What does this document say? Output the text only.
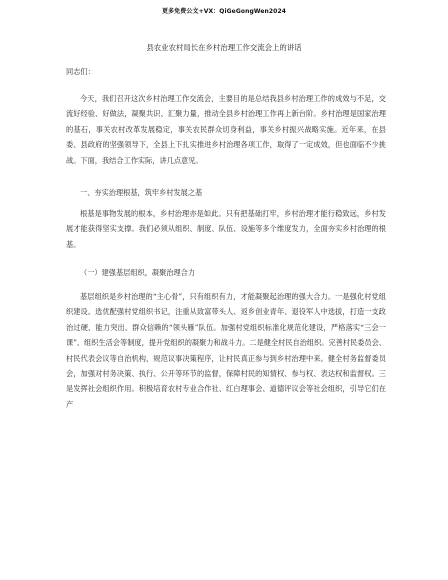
更多免费公文+VX：QiGeGongWen2024
县农业农村局长在乡村治理工作交流会上的讲话

同志们：

今天，我们召开这次乡村治理工作交流会，主要目的是总结我县乡村治理工作的成效与不足，交流好经验、好做法，凝聚共识、汇聚力量，推动全县乡村治理工作再上新台阶。乡村治理是国家治理的基石，事关农村改革发展稳定，事关农民群众切身利益，事关乡村振兴战略实施。近年来，在县委、县政府的坚强领导下，全县上下扎实推进乡村治理各项工作，取得了一定成效，但也面临不少挑战。下面，我结合工作实际，讲几点意见。

一、夯实治理根基，筑牢乡村发展之基

根基是事物发展的根本，乡村治理亦是如此。只有把基础打牢，乡村治理才能行稳致远，乡村发展才能获得坚实支撑。我们必须从组织、制度、队伍、设施等多个维度发力，全面夯实乡村治理的根基。

（一）建强基层组织，凝聚治理合力

基层组织是乡村治理的“主心骨”，只有组织有力，才能凝聚起治理的强大合力。一是强化村党组织建设。选优配强村党组织书记，注重从致富带头人、返乡创业青年、退役军人中选拔，打造一支政治过硬、能力突出、群众信赖的“领头雁”队伍。加强村党组织标准化规范化建设，严格落实“三会一课”、组织生活会等制度，提升党组织的凝聚力和战斗力。二是健全村民自治组织。完善村民委员会、村民代表会议等自治机构，规范议事决策程序，让村民真正参与到乡村治理中来。健全村务监督委员会，加强对村务决策、执行、公开等环节的监督，保障村民的知情权、参与权、表达权和监督权。三是发挥社会组织作用。积极培育农村专业合作社、红白理事会、道德评议会等社会组织，引导它们在产
